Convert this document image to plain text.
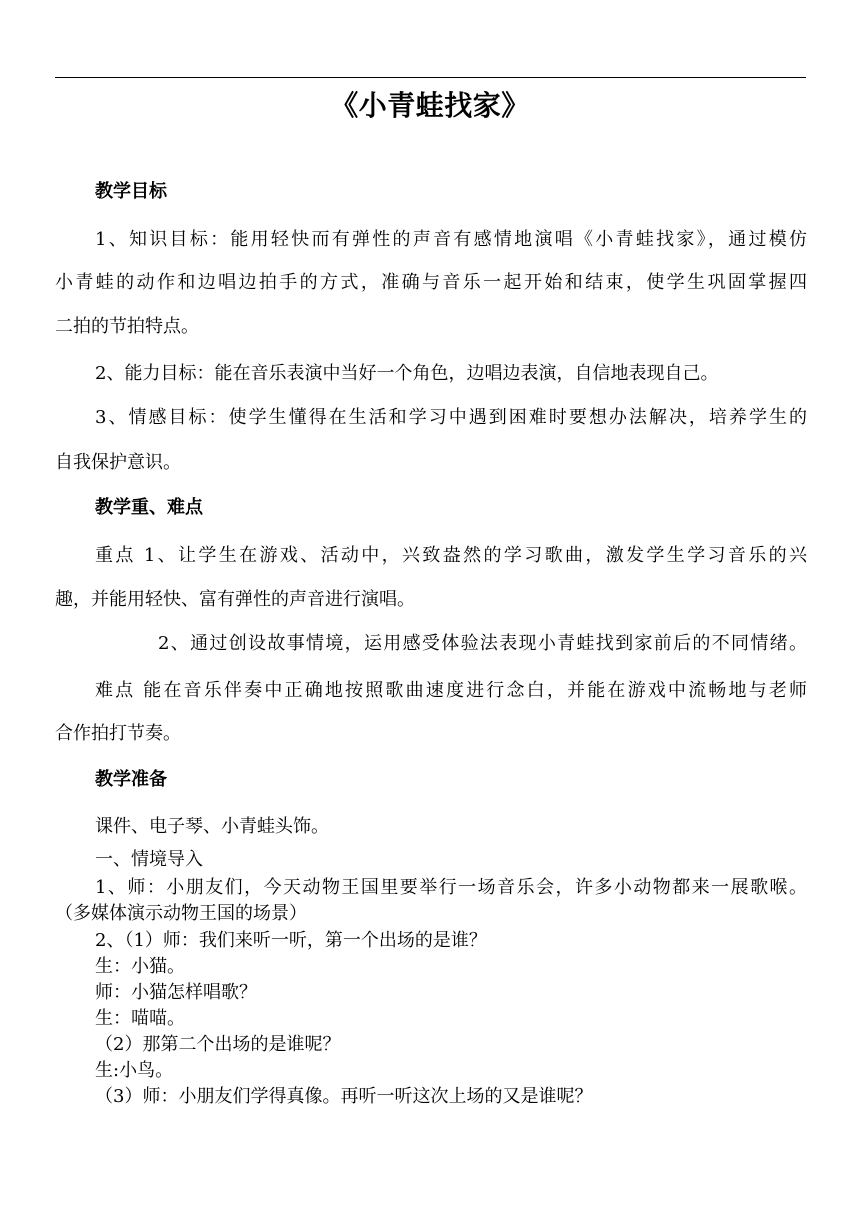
《小青蛙找家》
教学目标
1、知识目标：能用轻快而有弹性的声音有感情地演唱《小青蛙找家》，通过模仿
小青蛙的动作和边唱边拍手的方式，准确与音乐一起开始和结束，使学生巩固掌握四
二拍的节拍特点。
2、能力目标：能在音乐表演中当好一个角色，边唱边表演，自信地表现自己。
3、情感目标：使学生懂得在生活和学习中遇到困难时要想办法解决，培养学生的
自我保护意识。
教学重、难点
重点 1、让学生在游戏、活动中，兴致盎然的学习歌曲，激发学生学习音乐的兴
趣，并能用轻快、富有弹性的声音进行演唱。
2、通过创设故事情境，运用感受体验法表现小青蛙找到家前后的不同情绪。
难点 能在音乐伴奏中正确地按照歌曲速度进行念白，并能在游戏中流畅地与老师
合作拍打节奏。
教学准备
课件、电子琴、小青蛙头饰。
一、情境导入
1、师：小朋友们，今天动物王国里要举行一场音乐会，许多小动物都来一展歌喉。
（多媒体演示动物王国的场景）
2、（1）师：我们来听一听，第一个出场的是谁？
生：小猫。
师：小猫怎样唱歌？
生：喵喵。
（2）那第二个出场的是谁呢？
生:小鸟。
（3）师：小朋友们学得真像。再听一听这次上场的又是谁呢？
